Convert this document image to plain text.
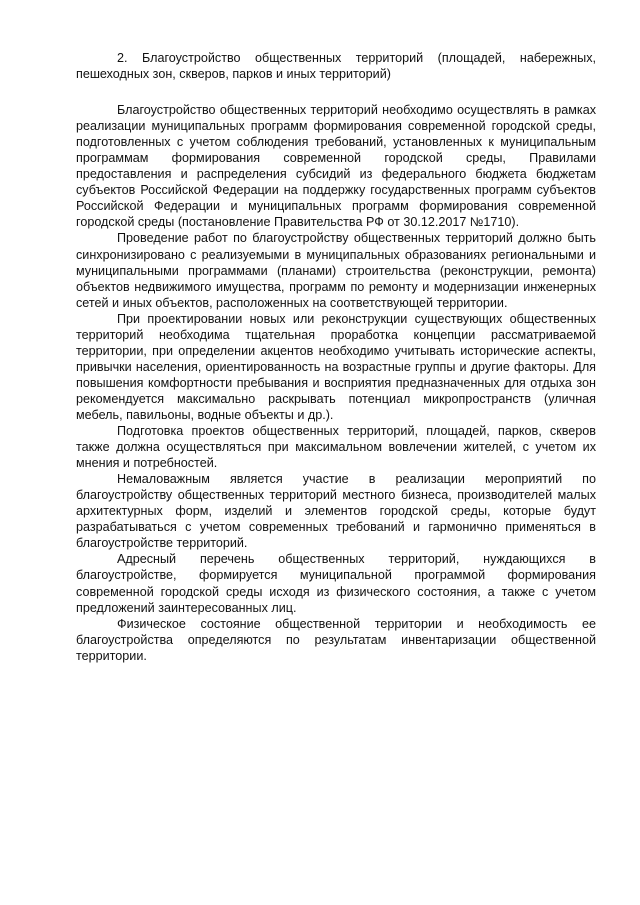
2. Благоустройство общественных территорий (площадей, набережных, пешеходных зон, скверов, парков и иных территорий)

Благоустройство общественных территорий необходимо осуществлять в рамках реализации муниципальных программ формирования современной городской среды, подготовленных с учетом соблюдения требований, установленных к муниципальным программам формирования современной городской среды, Правилами предоставления и распределения субсидий из федерального бюджета бюджетам субъектов Российской Федерации на поддержку государственных программ субъектов Российской Федерации и муниципальных программ формирования современной городской среды (постановление Правительства РФ от 30.12.2017 №1710).

Проведение работ по благоустройству общественных территорий должно быть синхронизировано с реализуемыми в муниципальных образованиях региональными и муниципальными программами (планами) строительства (реконструкции, ремонта) объектов недвижимого имущества, программ по ремонту и модернизации инженерных сетей и иных объектов, расположенных на соответствующей территории.

При проектировании новых или реконструкции существующих общественных территорий необходима тщательная проработка концепции рассматриваемой территории, при определении акцентов необходимо учитывать исторические аспекты, привычки населения, ориентированность на возрастные группы и другие факторы. Для повышения комфортности пребывания и восприятия предназначенных для отдыха зон рекомендуется максимально раскрывать потенциал микропространств (уличная мебель, павильоны, водные объекты и др.).

Подготовка проектов общественных территорий, площадей, парков, скверов также должна осуществляться при максимальном вовлечении жителей, с учетом их мнения и потребностей.

Немаловажным является участие в реализации мероприятий по благоустройству общественных территорий местного бизнеса, производителей малых архитектурных форм, изделий и элементов городской среды, которые будут разрабатываться с учетом современных требований и гармонично применяться в благоустройстве территорий.

Адресный перечень общественных территорий, нуждающихся в благоустройстве, формируется муниципальной программой формирования современной городской среды исходя из физического состояния, а также с учетом предложений заинтересованных лиц.

Физическое состояние общественной территории и необходимость ее благоустройства определяются по результатам инвентаризации общественной территории.
